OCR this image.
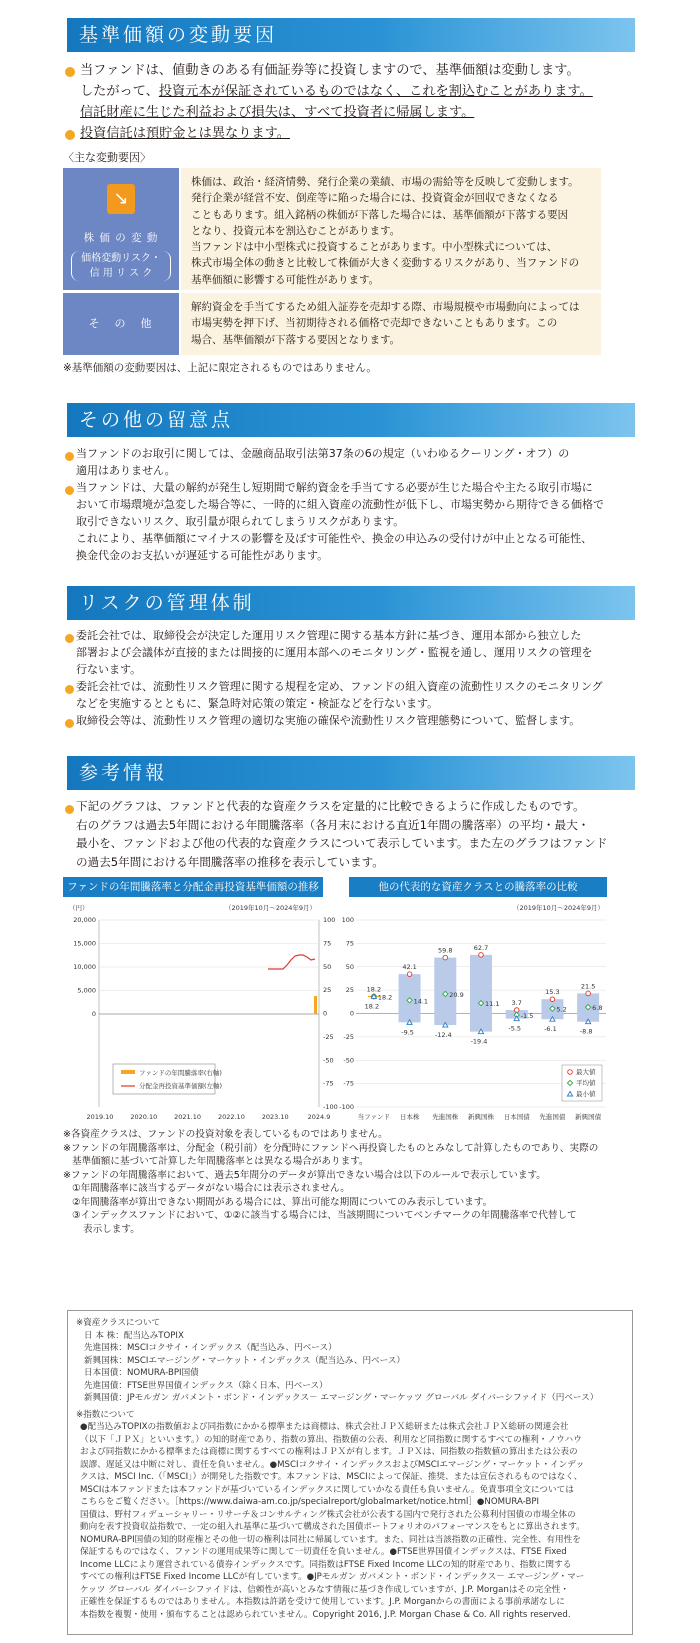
基準価額の変動要因
当ファンドは、値動きのある有価証券等に投資しますので、基準価額は変動します。
したがって、投資元本が保証されているものではなく、これを割込むことがあります。
信託財産に生じた利益および損失は、すべて投資者に帰属します。
投資信託は預貯金とは異なります。
〈主な変動要因〉
↘
株 価 の 変 動
価格変動リスク・
信 用 リ ス ク
株価は、政治・経済情勢、発行企業の業績、市場の需給等を反映して変動します。
発行企業が経営不安、倒産等に陥った場合には、投資資金が回収できなくなる
こともあります。組入銘柄の株価が下落した場合には、基準価額が下落する要因
となり、投資元本を割込むことがあります。
当ファンドは中小型株式に投資することがあります。中小型株式については、
株式市場全体の動きと比較して株価が大きく変動するリスクがあり、当ファンドの
基準価額に影響する可能性があります。
そ　の　他
解約資金を手当てするため組入証券を売却する際、市場規模や市場動向によっては
市場実勢を押下げ、当初期待される価格で売却できないこともあります。この
場合、基準価額が下落する要因となります。
※基準価額の変動要因は、上記に限定されるものではありません。
その他の留意点
当ファンドのお取引に関しては、金融商品取引法第37条の6の規定（いわゆるクーリング・オフ）の
適用はありません。
当ファンドは、大量の解約が発生し短期間で解約資金を手当てする必要が生じた場合や主たる取引市場に
おいて市場環境が急変した場合等に、一時的に組入資産の流動性が低下し、市場実勢から期待できる価格で
取引できないリスク、取引量が限られてしまうリスクがあります。
これにより、基準価額にマイナスの影響を及ぼす可能性や、換金の申込みの受付けが中止となる可能性、
換金代金のお支払いが遅延する可能性があります。
リスクの管理体制
委託会社では、取締役会が決定した運用リスク管理に関する基本方針に基づき、運用本部から独立した
部署および会議体が直接的または間接的に運用本部へのモニタリング・監視を通し、運用リスクの管理を
行ないます。
委託会社では、流動性リスク管理に関する規程を定め、ファンドの組入資産の流動性リスクのモニタリング
などを実施するとともに、緊急時対応策の策定・検証などを行ないます。
取締役会等は、流動性リスク管理の適切な実施の確保や流動性リスク管理態勢について、監督します。
参考情報
下記のグラフは、ファンドと代表的な資産クラスを定量的に比較できるように作成したものです。
右のグラフは過去5年間における年間騰落率（各月末における直近1年間の騰落率）の平均・最大・
最小を、ファンドおよび他の代表的な資産クラスについて表示しています。また左のグラフはファンド
の過去5年間における年間騰落率の推移を表示しています。
ファンドの年間騰落率と分配金再投資基準価額の推移
（円）	（2019年10月～2024年9月）
20,000
15,000
10,000
5,000
0
100
75
50
25
0
-25
-50
-75
-100
2019.10	2020.10	2021.10	2022.10	2023.10	2024.9
ファンドの年間騰落率(右軸)
分配金再投資基準価額(左軸)
他の代表的な資産クラスとの騰落率の比較
（2019年10月～2024年9月）
100
75
50
25
0
-25
-50
-75
-100
18.2
18.2
18.2
42.1
14.1
-9.5
59.8
20.9
-12.4
62.7
11.1
-19.4
3.7
-1.5
-5.5
15.3
5.2
-6.1
21.5
6.8
-8.8
当ファンド 日本株 先進国株 新興国株 日本国債 先進国債 新興国債
最大値
平均値
最小値
※各資産クラスは、ファンドの投資対象を表しているものではありません。
※ファンドの年間騰落率は、分配金（税引前）を分配時にファンドへ再投資したものとみなして計算したものであり、実際の
基準価額に基づいて計算した年間騰落率とは異なる場合があります。
※ファンドの年間騰落率において、過去5年間分のデータが算出できない場合は以下のルールで表示しています。
①年間騰落率に該当するデータがない場合には表示されません。
②年間騰落率が算出できない期間がある場合には、算出可能な期間についてのみ表示しています。
③インデックスファンドにおいて、①②に該当する場合には、当該期間についてベンチマークの年間騰落率で代替して
表示します。
※資産クラスについて
日 本 株：配当込みTOPIX
先進国株：MSCIコクサイ・インデックス（配当込み、円ベース）
新興国株：MSCIエマージング・マーケット・インデックス（配当込み、円ベース）
日本国債：NOMURA-BPI国債
先進国債：FTSE世界国債インデックス（除く日本、円ベース）
新興国債：JPモルガン ガバメント・ボンド・インデックス－ エマージング・マーケッツ グローバル ダイバーシファイド（円ベース）
※指数について
●配当込みTOPIXの指数値および同指数にかかる標準または商標は、株式会社ＪＰＸ総研または株式会社ＪＰＸ総研の関連会社
（以下「ＪＰＸ」といいます。）の知的財産であり、指数の算出、指数値の公表、利用など同指数に関するすべての権利・ノウハウ
および同指数にかかる標準または商標に関するすべての権利はＪＰＸが有します。ＪＰＸは、同指数の指数値の算出または公表の
誤謬、遅延又は中断に対し、責任を負いません。●MSCIコクサイ・インデックスおよびMSCIエマージング・マーケット・インデッ
クスは、MSCI Inc.（「MSCI」）が開発した指数です。本ファンドは、MSCIによって保証、推奨、または宣伝されるものではなく、
MSCIは本ファンドまたは本ファンドが基づいているインデックスに関していかなる責任も負いません。免責事項全文については
こちらをご覧ください。［https://www.daiwa-am.co.jp/specialreport/globalmarket/notice.html］●NOMURA-BPI
国債は、野村フィデューシャリー・リサーチ＆コンサルティング株式会社が公表する国内で発行された公募利付国債の市場全体の
動向を表す投資収益指数で、一定の組入れ基準に基づいて構成された国債ポートフォリオのパフォーマンスをもとに算出されます。
NOMURA-BPI国債の知的財産権とその他一切の権利は同社に帰属しています。また、同社は当該指数の正確性、完全性、有用性を
保証するものではなく、ファンドの運用成果等に関して一切責任を負いません。●FTSE世界国債インデックスは、FTSE Fixed
Income LLCにより運営されている債券インデックスです。同指数はFTSE Fixed Income LLCの知的財産であり、指数に関する
すべての権利はFTSE Fixed Income LLCが有しています。●JPモルガン ガバメント・ボンド・インデックス－ エマージング・マー
ケッツ グローバル ダイバーシファイドは、信頼性が高いとみなす情報に基づき作成していますが、J.P. Morganはその完全性・
正確性を保証するものではありません。本指数は許諾を受けて使用しています。J.P. Morganからの書面による事前承諾なしに
本指数を複製・使用・頒布することは認められていません。Copyright 2016, J.P. Morgan Chase & Co. All rights reserved.
